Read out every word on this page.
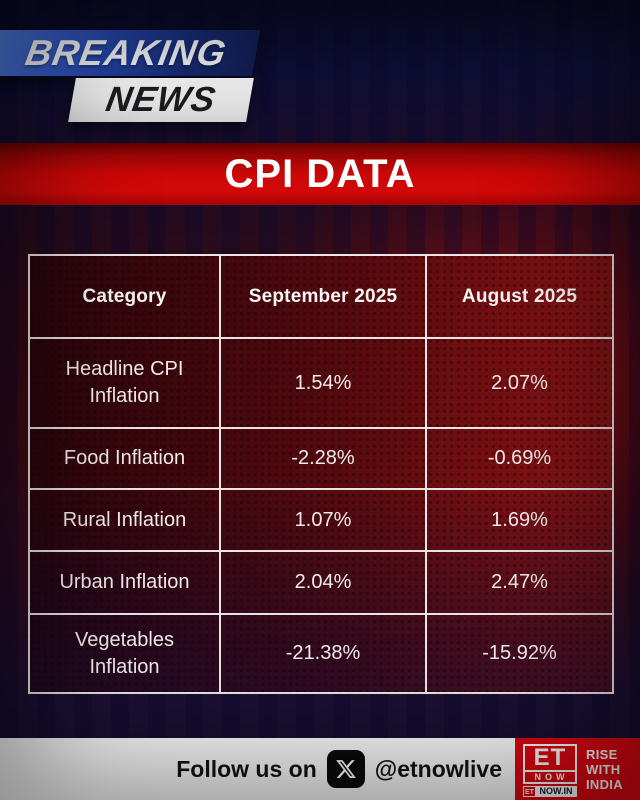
BREAKING
NEWS
CPI DATA
Category	September 2025	August 2025
Headline CPI Inflation	1.54%	2.07%
Food Inflation	-2.28%	-0.69%
Rural Inflation	1.07%	1.69%
Urban Inflation	2.04%	2.47%
Vegetables Inflation	-21.38%	-15.92%
Follow us on	@etnowlive	ET
NOW
ET NOW.IN
RISE
WITH
INDIA
